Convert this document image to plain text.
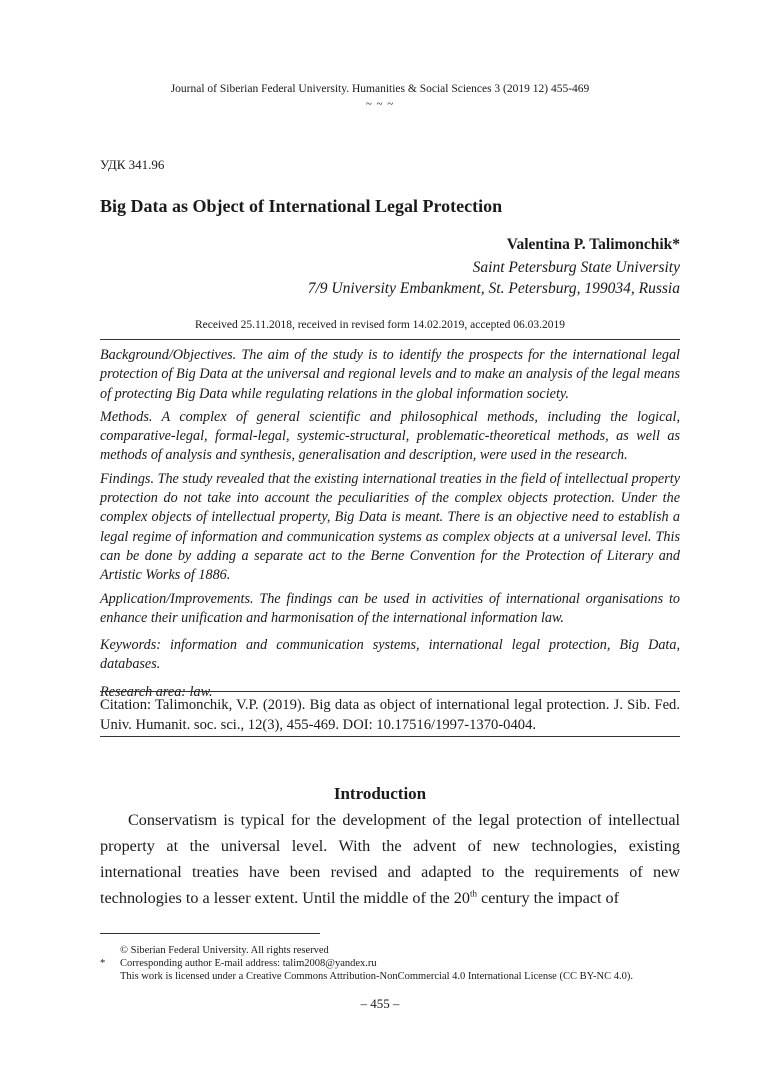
Journal of Siberian Federal University. Humanities & Social Sciences 3 (2019 12) 455-469
~ ~ ~
УДК 341.96
Big Data as Object of International Legal Protection
Valentina P. Talimonchik*
Saint Petersburg State University
7/9 University Embankment, St. Petersburg, 199034, Russia
Received 25.11.2018, received in revised form 14.02.2019, accepted 06.03.2019

Background/Objectives. The aim of the study is to identify the prospects for the international legal protection of Big Data at the universal and regional levels and to make an analysis of the legal means of protecting Big Data while regulating relations in the global information society.

Methods. A complex of general scientific and philosophical methods, including the logical, comparative-legal, formal-legal, systemic-structural, problematic-theoretical methods, as well as methods of analysis and synthesis, generalisation and description, were used in the research.

Findings. The study revealed that the existing international treaties in the field of intellectual property protection do not take into account the peculiarities of the complex objects protection. Under the complex objects of intellectual property, Big Data is meant. There is an objective need to establish a legal regime of information and communication systems as complex objects at a universal level. This can be done by adding a separate act to the Berne Convention for the Protection of Literary and Artistic Works of 1886.

Application/Improvements. The findings can be used in activities of international organisations to enhance their unification and harmonisation of the international information law.

Keywords: information and communication systems, international legal protection, Big Data, databases.

Research area: law.

Citation: Talimonchik, V.P. (2019). Big data as object of international legal protection. J. Sib. Fed. Univ. Humanit. soc. sci., 12(3), 455-469. DOI: 10.17516/1997-1370-0404.
Introduction

Conservatism is typical for the development of the legal protection of intellectual property at the universal level. With the advent of new technologies, existing international treaties have been revised and adapted to the requirements of new technologies to a lesser extent. Until the middle of the 20th century the impact of

© Siberian Federal University. All rights reserved
* Corresponding author E-mail address: talim2008@yandex.ru
This work is licensed under a Creative Commons Attribution-NonCommercial 4.0 International License (CC BY-NC 4.0).
– 455 –
